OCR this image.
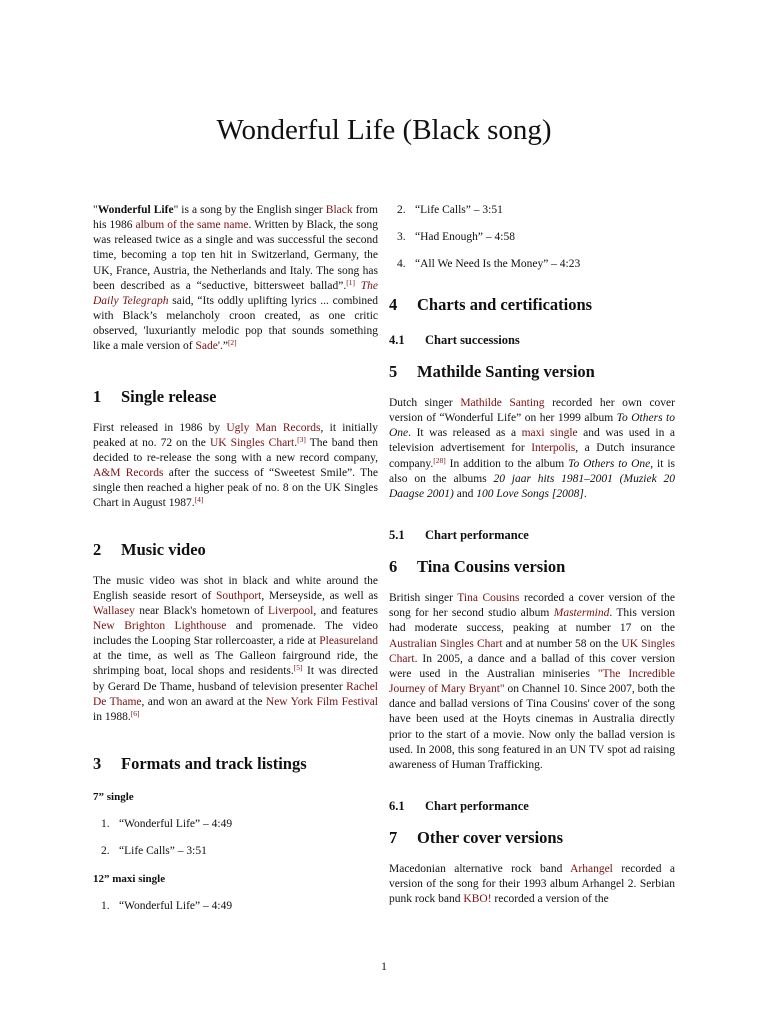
Wonderful Life (Black song)

"Wonderful Life" is a song by the English singer Black from his 1986 album of the same name. Written by Black, the song was released twice as a single and was successful the second time, becoming a top ten hit in Switzerland, Germany, the UK, France, Austria, the Netherlands and Italy. The song has been described as a “seductive, bittersweet ballad”.[1] The Daily Telegraph said, “Its oddly uplifting lyrics ... combined with Black’s melancholy croon created, as one critic observed, 'luxuriantly melodic pop that sounds something like a male version of Sade'.”[2]

1 Single release

First released in 1986 by Ugly Man Records, it initially peaked at no. 72 on the UK Singles Chart.[3] The band then decided to re-release the song with a new record company, A&M Records after the success of “Sweetest Smile”. The single then reached a higher peak of no. 8 on the UK Singles Chart in August 1987.[4]

2 Music video

The music video was shot in black and white around the English seaside resort of Southport, Merseyside, as well as Wallasey near Black's hometown of Liverpool, and features New Brighton Lighthouse and promenade. The video includes the Looping Star rollercoaster, a ride at Pleasureland at the time, as well as The Galleon fairground ride, the shrimping boat, local shops and residents.[5] It was directed by Gerard De Thame, husband of television presenter Rachel De Thame, and won an award at the New York Film Festival in 1988.[6]

3 Formats and track listings

7” single

1. “Wonderful Life” – 4:49

2. “Life Calls” – 3:51

12” maxi single

1. “Wonderful Life” – 4:49

2. “Life Calls” – 3:51

3. “Had Enough” – 4:58

4. “All We Need Is the Money” – 4:23

4 Charts and certifications
4.1 Chart successions
5 Mathilde Santing version

Dutch singer Mathilde Santing recorded her own cover version of “Wonderful Life” on her 1999 album To Others to One. It was released as a maxi single and was used in a television advertisement for Interpolis, a Dutch insurance company.[28] In addition to the album To Others to One, it is also on the albums 20 jaar hits 1981–2001 (Muziek 20 Daagse 2001) and 100 Love Songs [2008].

5.1 Chart performance
6 Tina Cousins version

British singer Tina Cousins recorded a cover version of the song for her second studio album Mastermind. This version had moderate success, peaking at number 17 on the Australian Singles Chart and at number 58 on the UK Singles Chart. In 2005, a dance and a ballad of this cover version were used in the Australian miniseries "The Incredible Journey of Mary Bryant" on Channel 10. Since 2007, both the dance and ballad versions of Tina Cousins' cover of the song have been used at the Hoyts cinemas in Australia directly prior to the start of a movie. Now only the ballad version is used. In 2008, this song featured in an UN TV spot ad raising awareness of Human Trafficking.

6.1 Chart performance
7 Other cover versions

Macedonian alternative rock band Arhangel recorded a version of the song for their 1993 album Arhangel 2. Serbian punk rock band KBO! recorded a version of the

1
